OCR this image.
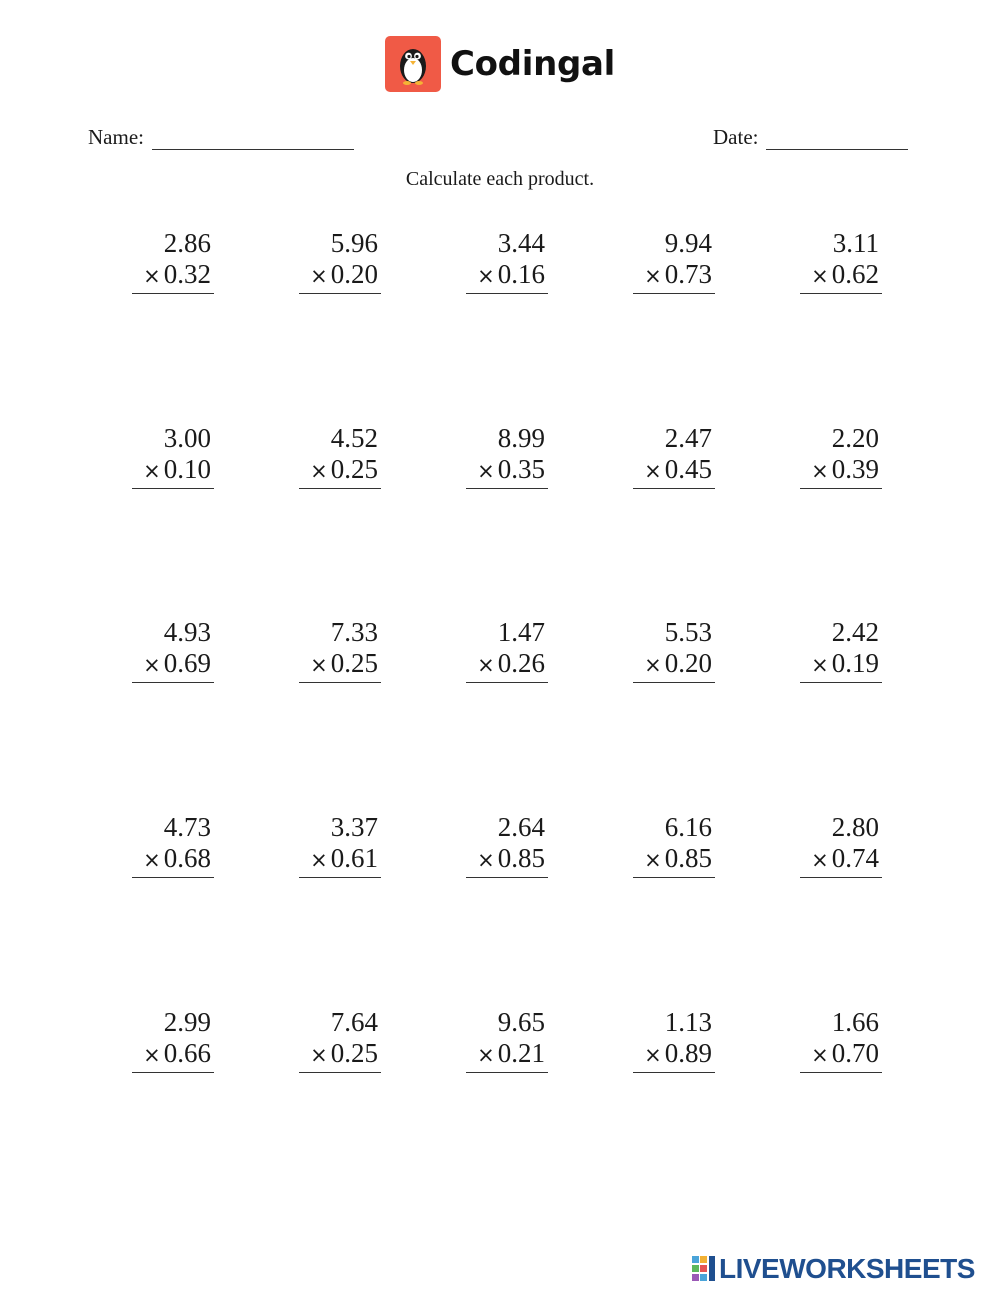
Codingal
Name:	Date:
Calculate each product.
2.86
× 0.32
5.96
× 0.20
3.44
× 0.16
9.94
× 0.73
3.11
× 0.62
3.00
× 0.10
4.52
× 0.25
8.99
× 0.35
2.47
× 0.45
2.20
× 0.39
4.93
× 0.69
7.33
× 0.25
1.47
× 0.26
5.53
× 0.20
2.42
× 0.19
4.73
× 0.68
3.37
× 0.61
2.64
× 0.85
6.16
× 0.85
2.80
× 0.74
2.99
× 0.66
7.64
× 0.25
9.65
× 0.21
1.13
× 0.89
1.66
× 0.70
LIVEWORKSHEETS
